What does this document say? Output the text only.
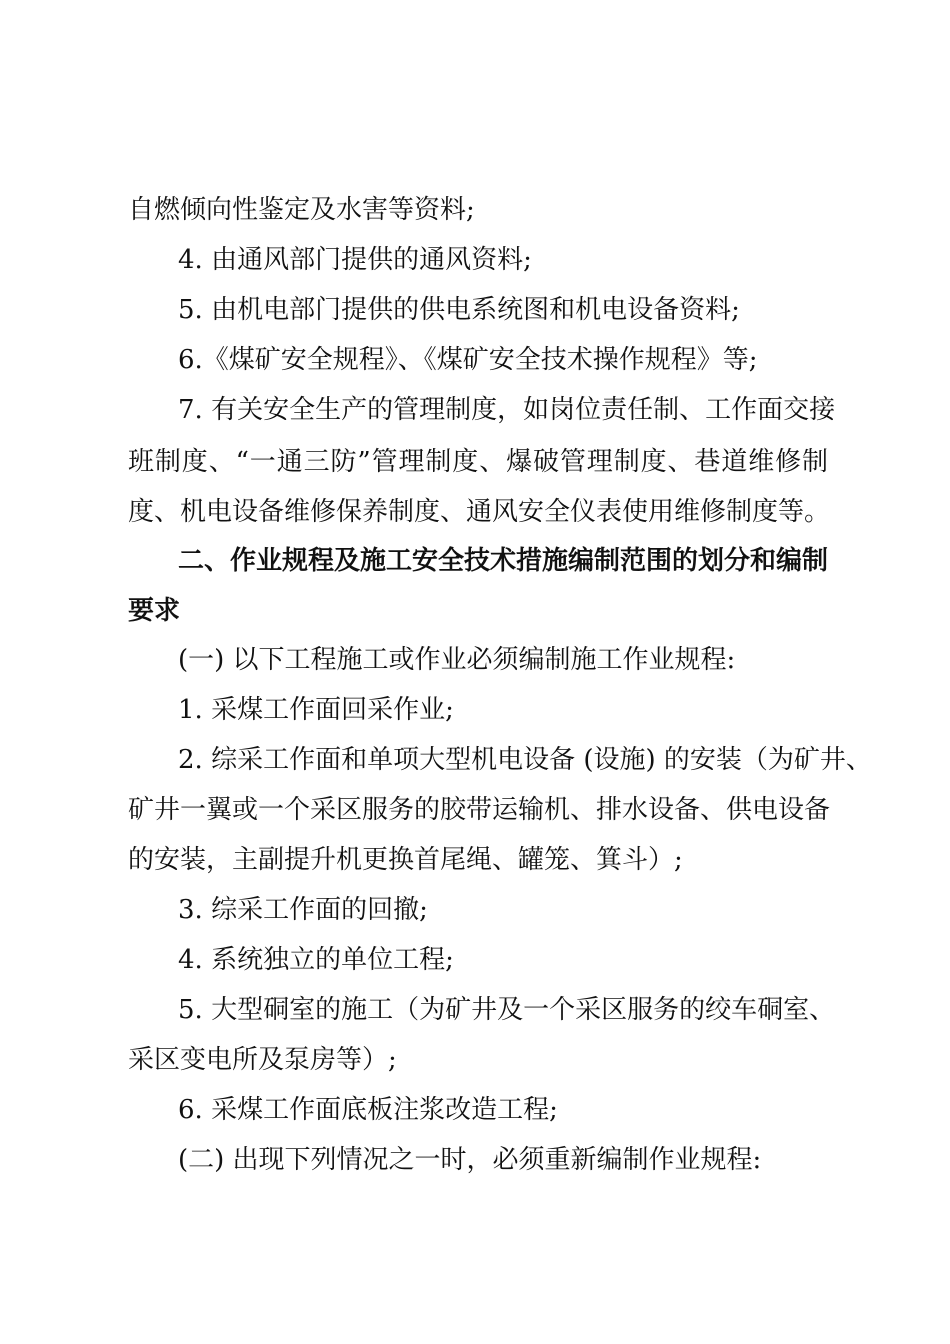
自燃倾向性鉴定及水害等资料;
4. 由通风部门提供的通风资料;
5. 由机电部门提供的供电系统图和机电设备资料;
6.《煤矿安全规程》、《煤矿安全技术操作规程》等;
7. 有关安全生产的管理制度，如岗位责任制、工作面交接
班制度、“一通三防”管理制度、爆破管理制度、巷道维修制
度、机电设备维修保养制度、通风安全仪表使用维修制度等。
二、作业规程及施工安全技术措施编制范围的划分和编制
要求
(一) 以下工程施工或作业必须编制施工作业规程:
1. 采煤工作面回采作业;
2. 综采工作面和单项大型机电设备 (设施) 的安装（为矿井、
矿井一翼或一个采区服务的胶带运输机、排水设备、供电设备
的安装，主副提升机更换首尾绳、罐笼、箕斗）;
3. 综采工作面的回撤;
4. 系统独立的单位工程;
5. 大型硐室的施工（为矿井及一个采区服务的绞车硐室、
采区变电所及泵房等）;
6. 采煤工作面底板注浆改造工程;
(二) 出现下列情况之一时，必须重新编制作业规程:
